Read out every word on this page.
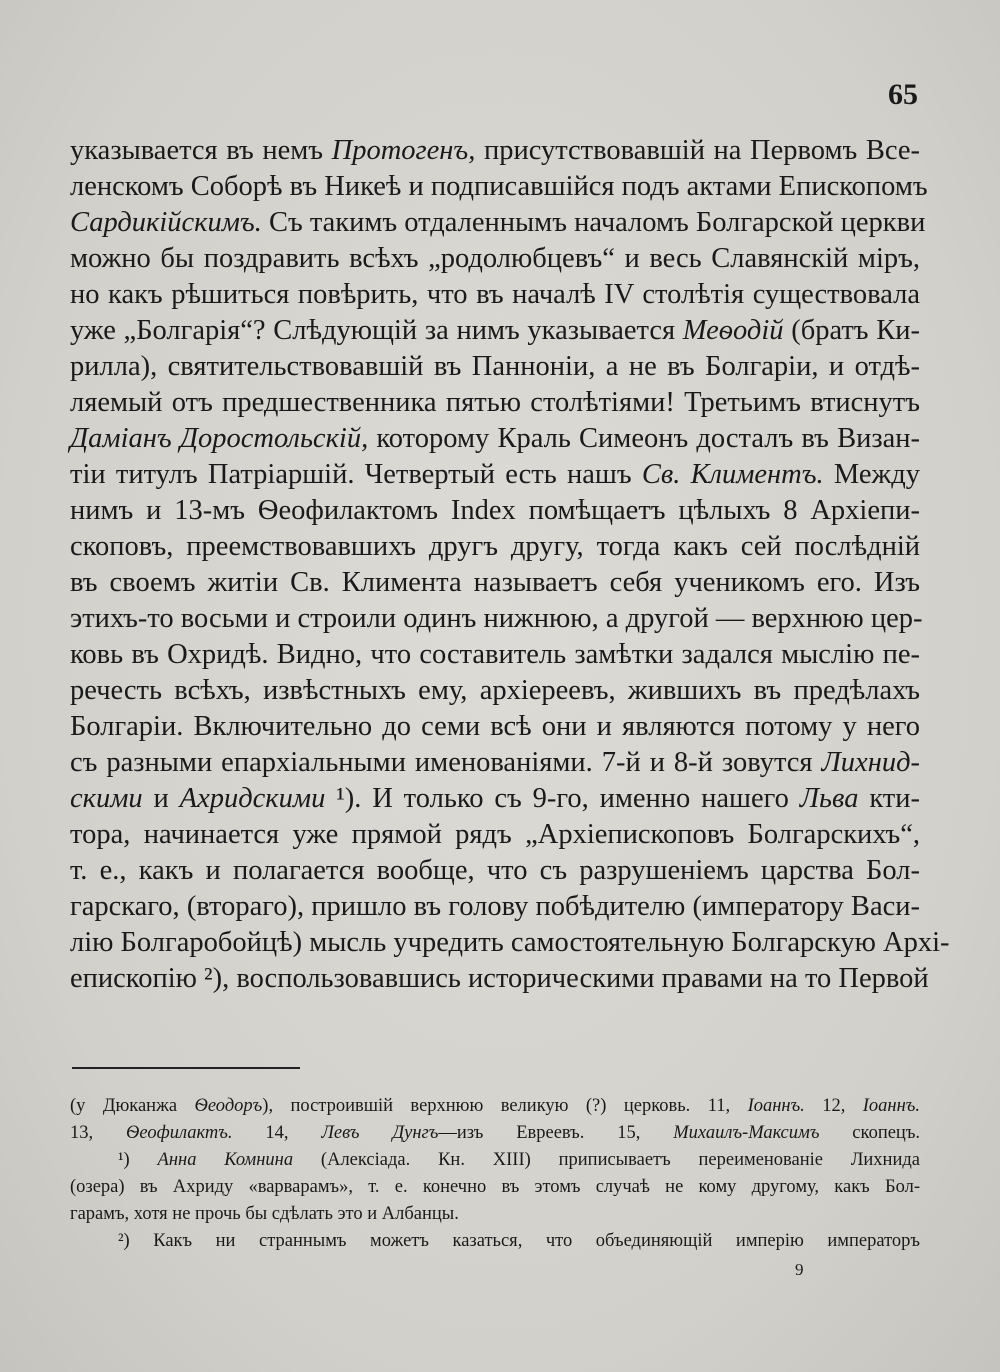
65
указывается въ немъ Протогенъ, присутствовавшій на Первомъ Все-
ленскомъ Соборѣ въ Никеѣ и подписавшійся подъ актами Епископомъ
Сардикійскимъ. Съ такимъ отдаленнымъ началомъ Болгарской церкви
можно бы поздравить всѣхъ „родолюбцевъ“ и весь Славянскій міръ,
но какъ рѣшиться повѣрить, что въ началѣ IV столѣтія существовала
уже „Болгарія“? Слѣдующій за нимъ указывается Меѳодій (братъ Ки-
рилла), святительствовавшій въ Панноніи, а не въ Болгаріи, и отдѣ-
ляемый отъ предшественника пятью столѣтіями! Третьимъ втиснутъ
Даміанъ Доростольскій, которому Краль Симеонъ досталъ въ Визан-
тіи титулъ Патріаршій. Четвертый есть нашъ Св. Климентъ. Между
нимъ и 13-мъ Ѳеофилактомъ Index помѣщаетъ цѣлыхъ 8 Архіепи-
скоповъ, преемствовавшихъ другъ другу, тогда какъ сей послѣдній
въ своемъ житіи Св. Климента называетъ себя ученикомъ его. Изъ
этихъ-то восьми и строили одинъ нижнюю, а другой — верхнюю цер-
ковь въ Охридѣ. Видно, что составитель замѣтки задался мыслію пе-
речесть всѣхъ, извѣстныхъ ему, архіереевъ, жившихъ въ предѣлахъ
Болгаріи. Включительно до семи всѣ они и являются потому у него
съ разными епархіальными именованіями. 7-й и 8-й зовутся Лихнид-
скими и Ахридскими ¹). И только съ 9-го, именно нашего Льва кти-
тора, начинается уже прямой рядъ „Архіепископовъ Болгарскихъ“,
т. е., какъ и полагается вообще, что съ разрушеніемъ царства Бол-
гарскаго, (втораго), пришло въ голову побѣдителю (императору Васи-
лію Болгаробойцѣ) мысль учредить самостоятельную Болгарскую Архі-
епископію ²), воспользовавшись историческими правами на то Первой
(у Дюканжа Ѳеодоръ), построившій верхнюю великую (?) церковь. 11, Іоаннъ. 12, Іоаннъ.
13, Ѳеофилактъ. 14, Левъ Дунгъ—изъ Евреевъ. 15, Михаилъ-Максимъ скопецъ.
¹) Анна Комнина (Алексіада. Кн. XIII) приписываетъ переименованіе Лихнида
(озера) въ Ахриду «варварамъ», т. е. конечно въ этомъ случаѣ не кому другому, какъ Бол-
гарамъ, хотя не прочь бы сдѣлать это и Албанцы.
²) Какъ ни страннымъ можетъ казаться, что объединяющій имперію императоръ
9
